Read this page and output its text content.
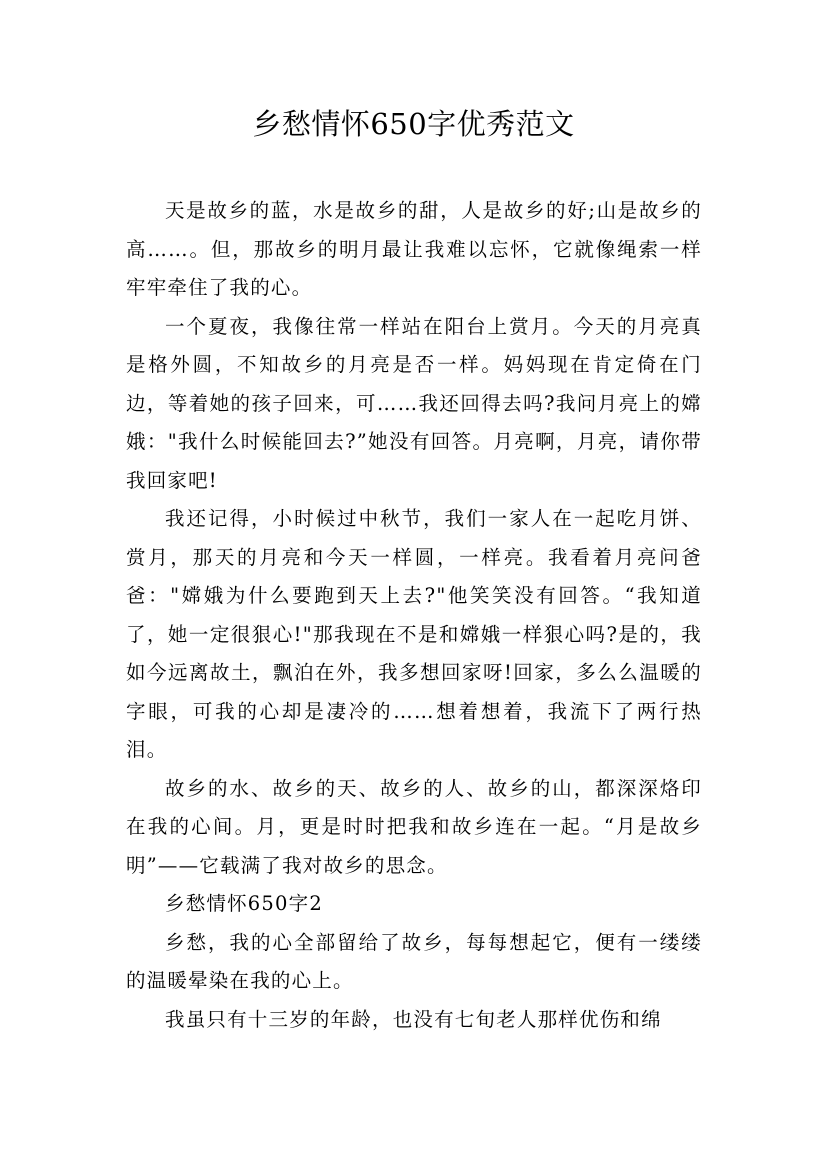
乡愁情怀650字优秀范文

天是故乡的蓝，水是故乡的甜，人是故乡的好;山是故乡的高……。但，那故乡的明月最让我难以忘怀，它就像绳索一样牢牢牵住了我的心。

一个夏夜，我像往常一样站在阳台上赏月。今天的月亮真是格外圆，不知故乡的月亮是否一样。妈妈现在肯定倚在门边，等着她的孩子回来，可……我还回得去吗?我问月亮上的嫦娥："我什么时候能回去?”她没有回答。月亮啊，月亮，请你带我回家吧!

我还记得，小时候过中秋节，我们一家人在一起吃月饼、赏月，那天的月亮和今天一样圆，一样亮。我看着月亮问爸爸："嫦娥为什么要跑到天上去?"他笑笑没有回答。“我知道了，她一定很狠心!"那我现在不是和嫦娥一样狠心吗?是的，我如今远离故土，飘泊在外，我多想回家呀!回家，多么么温暖的字眼，可我的心却是凄冷的……想着想着，我流下了两行热泪。

故乡的水、故乡的天、故乡的人、故乡的山，都深深烙印在我的心间。月，更是时时把我和故乡连在一起。“月是故乡明”——它载满了我对故乡的思念。

乡愁情怀650字2

乡愁，我的心全部留给了故乡，每每想起它，便有一缕缕的温暖晕染在我的心上。

我虽只有十三岁的年龄，也没有七旬老人那样优伤和绵
